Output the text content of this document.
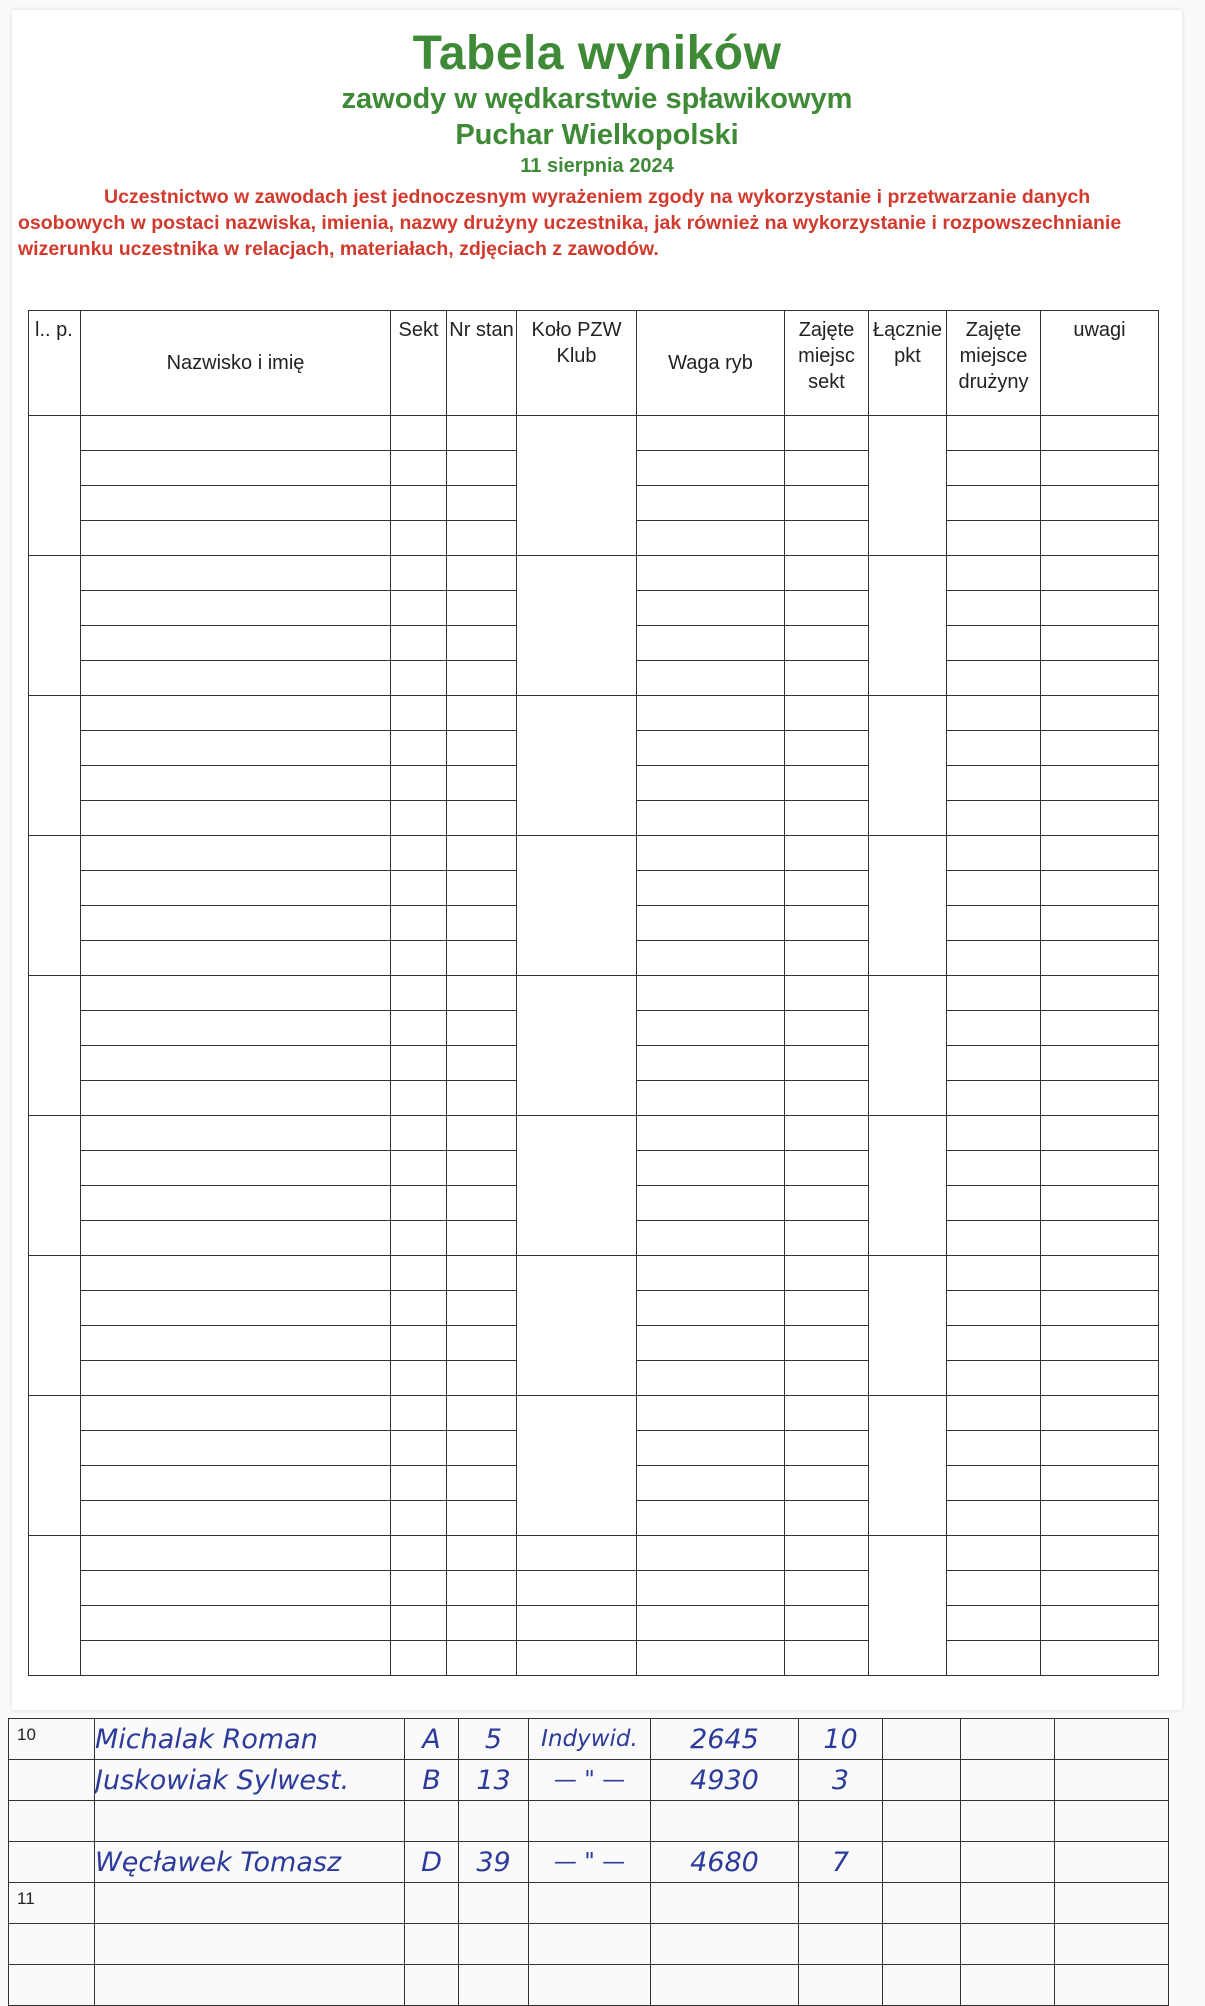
Tabela wyników
zawody w wędkarstwie spławikowym
Puchar Wielkopolski
11 sierpnia 2024
Uczestnictwo w zawodach jest jednoczesnym wyrażeniem zgody na wykorzystanie i przetwarzanie danych osobowych w postaci nazwiska, imienia, nazwy drużyny uczestnika, jak również na wykorzystanie i rozpowszechnianie wizerunku uczestnika w relacjach, materiałach, zdjęciach z zawodów.
l.. p.	Nazwisko i imię	Sekt	Nr stan	Koło PZW Klub	Waga ryb	Zajęte miejsc sekt	Łącznie pkt	Zajęte miejsce drużyny	uwagi

10	Michalak Roman	A	5	Indywid.	2645	10			
	Juskowiak Sylwest.	B	13	— " —	4930	3			

	Węcławek Tomasz	D	39	— " —	4680	7			
11									
